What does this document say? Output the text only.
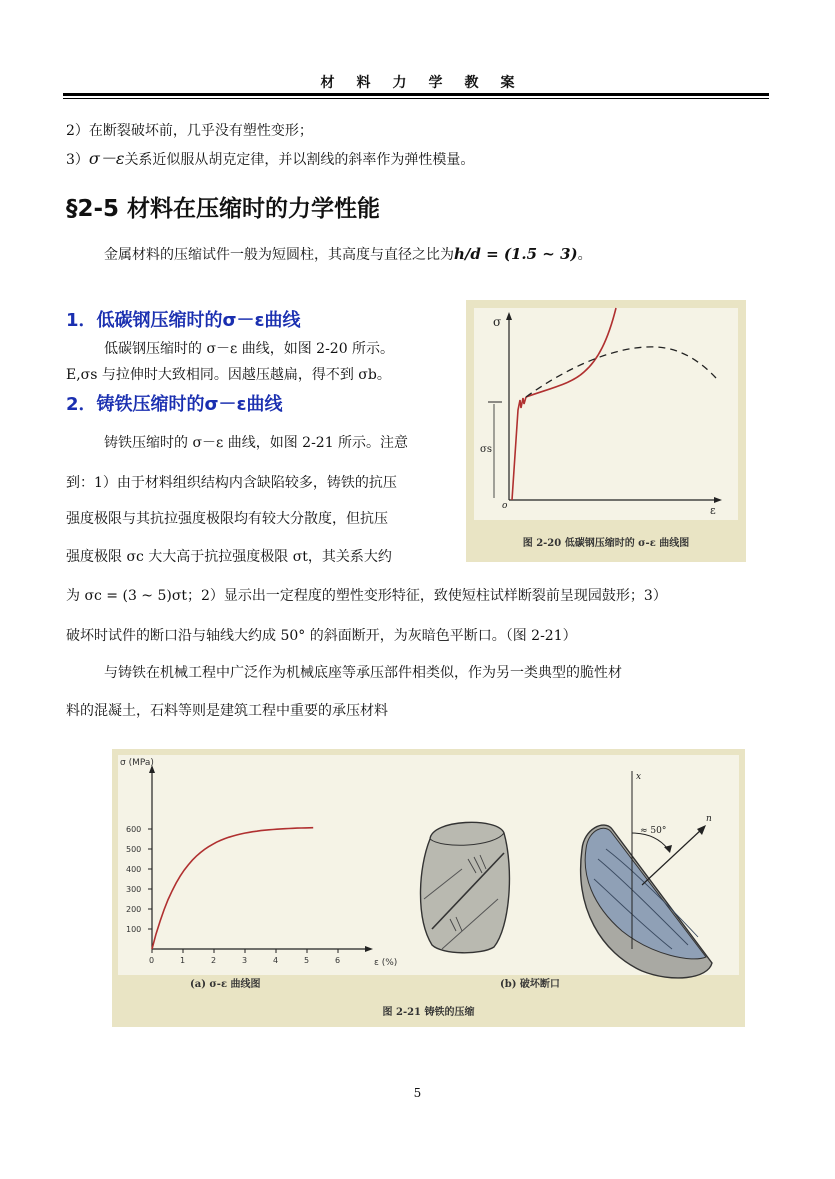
材料力学教案
2）在断裂破坏前，几乎没有塑性变形；
3）σ－ε关系近似服从胡克定律，并以割线的斜率作为弹性模量。
§2-5 材料在压缩时的力学性能
金属材料的压缩试件一般为短圆柱，其高度与直径之比为h/d = (1.5 ~ 3)。
1．低碳钢压缩时的σ－ε曲线
低碳钢压缩时的 σ－ε 曲线，如图 2-20 所示。
E,σs 与拉伸时大致相同。因越压越扁，得不到 σb。
2．铸铁压缩时的σ－ε曲线
铸铁压缩时的 σ－ε 曲线，如图 2-21 所示。注意
到：1）由于材料组织结构内含缺陷较多，铸铁的抗压
强度极限与其抗拉强度极限均有较大分散度，但抗压
强度极限 σc 大大高于抗拉强度极限 σt，其关系大约
为 σc = (3 ~ 5)σt；2）显示出一定程度的塑性变形特征，致使短柱试样断裂前呈现园鼓形；3）
破坏时试件的断口沿与轴线大约成 50° 的斜面断开，为灰暗色平断口。（图 2-21）
与铸铁在机械工程中广泛作为机械底座等承压部件相类似，作为另一类典型的脆性材
料的混凝土，石料等则是建筑工程中重要的承压材料
σ
ε
σs
o
图 2-20 低碳钢压缩时的 σ-ε 曲线图
600
500
400
300
200
100
0	1	2	3	4	5	6
σ (MPa)
ε (%)
≈ 50°
x
n
(a) σ-ε 曲线图	(b) 破坏断口
图 2-21 铸铁的压缩
5
